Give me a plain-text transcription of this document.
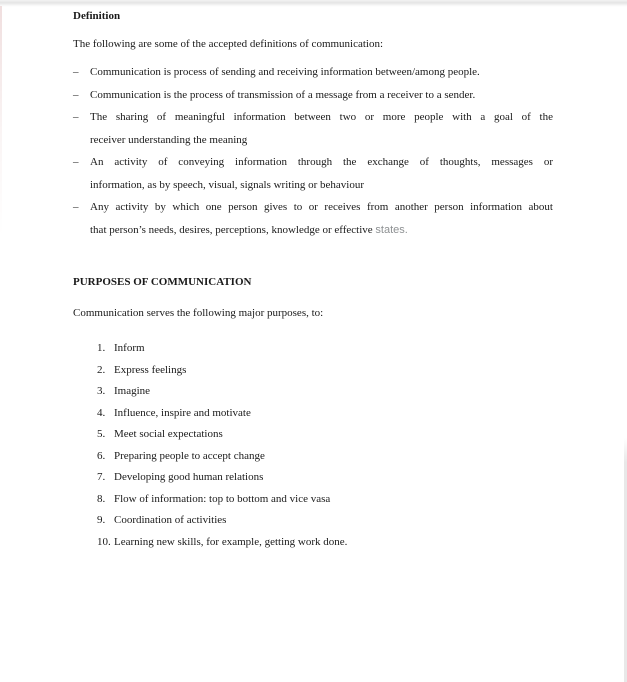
Definition

The following are some of the accepted definitions of communication:

–	Communication is process of sending and receiving information between/among people.
–	Communication is the process of transmission of a message from a receiver to a sender.
–	The sharing of meaningful information between two or more people with a goal of the
receiver understanding the meaning
–	An activity of conveying information through the exchange of thoughts, messages or
information, as by speech, visual, signals writing or behaviour
–	Any activity by which one person gives to or receives from another person information about
that person’s needs, desires, perceptions, knowledge or effective states.
PURPOSES OF COMMUNICATION

Communication serves the following major purposes, to:

1. Inform
2. Express feelings
3. Imagine
4. Influence, inspire and motivate
5. Meet social expectations
6. Preparing people to accept change
7. Developing good human relations
8. Flow of information: top to bottom and vice vasa
9. Coordination of activities
10. Learning new skills, for example, getting work done.
